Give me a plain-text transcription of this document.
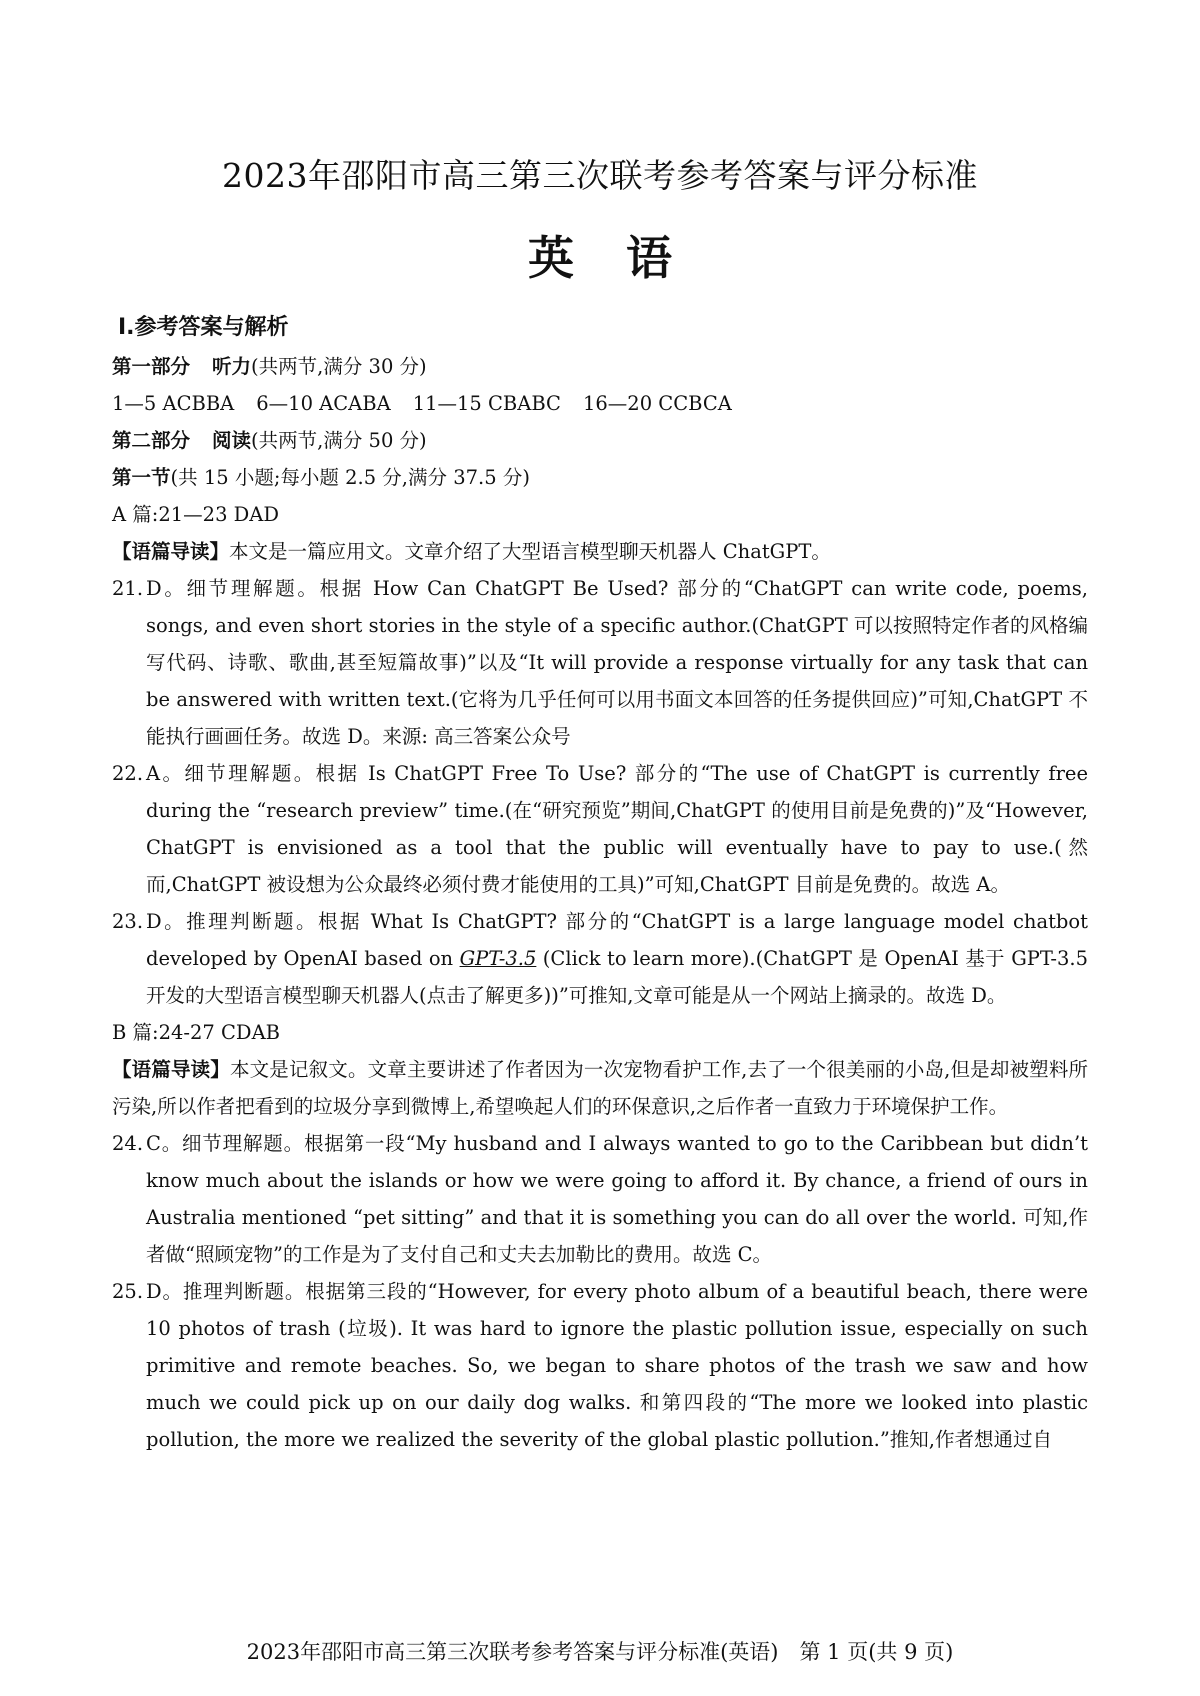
2023年邵阳市高三第三次联考参考答案与评分标准
英语

Ⅰ.参考答案与解析

第一部分 听力(共两节,满分 30 分)

1—5 ACBBA 6—10 ACABA 11—15 CBABC 16—20 CCBCA

第二部分 阅读(共两节,满分 50 分)

第一节(共 15 小题;每小题 2.5 分,满分 37.5 分)

A 篇:21—23 DAD

【语篇导读】本文是一篇应用文。文章介绍了大型语言模型聊天机器人 ChatGPT。

21. D。细节理解题。根据 How Can ChatGPT Be Used? 部分的“ChatGPT can write code, poems, songs, and even short stories in the style of a specific author.(ChatGPT 可以按照特定作者的风格编写代码、诗歌、歌曲,甚至短篇故事)”以及“It will provide a response virtually for any task that can be answered with written text.(它将为几乎任何可以用书面文本回答的任务提供回应)”可知,ChatGPT 不能执行画画任务。故选 D。来源: 高三答案公众号
22. A。细节理解题。根据 Is ChatGPT Free To Use? 部分的“The use of ChatGPT is currently free during the “research preview” time.(在“研究预览”期间,ChatGPT 的使用目前是免费的)”及“However, ChatGPT is envisioned as a tool that the public will eventually have to pay to use.(然而,ChatGPT 被设想为公众最终必须付费才能使用的工具)”可知,ChatGPT 目前是免费的。故选 A。
23. D。推理判断题。根据 What Is ChatGPT? 部分的“ChatGPT is a large language model chatbot developed by OpenAI based on GPT-3.5 (Click to learn more).(ChatGPT 是 OpenAI 基于 GPT-3.5 开发的大型语言模型聊天机器人(点击了解更多))”可推知,文章可能是从一个网站上摘录的。故选 D。

B 篇:24-27 CDAB

【语篇导读】本文是记叙文。文章主要讲述了作者因为一次宠物看护工作,去了一个很美丽的小岛,但是却被塑料所污染,所以作者把看到的垃圾分享到微博上,希望唤起人们的环保意识,之后作者一直致力于环境保护工作。

24. C。细节理解题。根据第一段“My husband and I always wanted to go to the Caribbean but didn’t know much about the islands or how we were going to afford it. By chance, a friend of ours in Australia mentioned “pet sitting” and that it is something you can do all over the world. 可知,作者做“照顾宠物”的工作是为了支付自己和丈夫去加勒比的费用。故选 C。
25. D。推理判断题。根据第三段的“However, for every photo album of a beautiful beach, there were 10 photos of trash (垃圾). It was hard to ignore the plastic pollution issue, especially on such primitive and remote beaches. So, we began to share photos of the trash we saw and how much we could pick up on our daily dog walks. 和第四段的“The more we looked into plastic pollution, the more we realized the severity of the global plastic pollution.”推知,作者想通过自
2023年邵阳市高三第三次联考参考答案与评分标准(英语)　第 1 页(共 9 页)
